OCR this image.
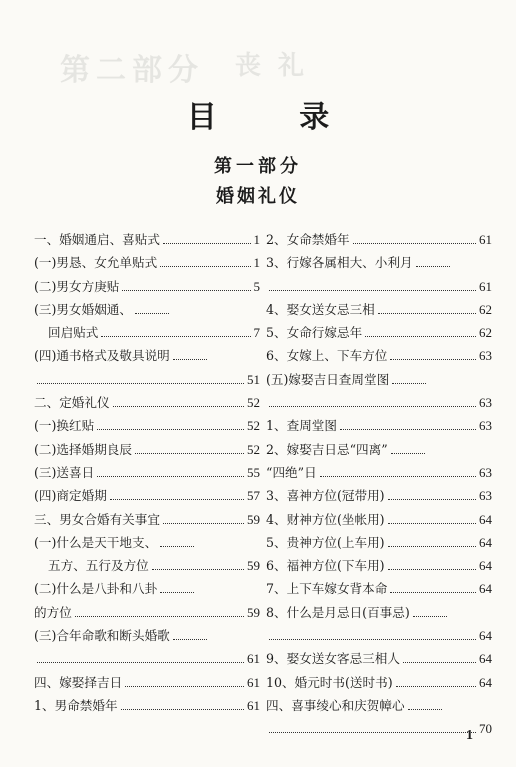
第二部分 丧 礼
目 录
第一部分
婚姻礼仪
一、婚姻通启、喜贴式	1
(一)男恳、女允单贴式	1
(二)男女方庚贴	5
(三)男女婚姻通、
回启贴式	7
(四)通书格式及敬具说明
51
二、定婚礼仪	52
(一)换红贴	52
(二)选择婚期良辰	52
(三)送喜日	55
(四)商定婚期	57
三、男女合婚有关事宜	59
(一)什么是天干地支、
五方、五行及方位	59
(二)什么是八卦和八卦
的方位	59
(三)合年命歌和断头婚歌
61
四、嫁娶择吉日	61
1、男命禁婚年	61
2、女命禁婚年	61
3、行嫁各属相大、小利月
61
4、娶女送女忌三相	62
5、女命行嫁忌年	62
6、女嫁上、下车方位	63
(五)嫁娶吉日查周堂图
63
1、查周堂图	63
2、嫁娶吉日忌“四离”
“四绝”日	63
3、喜神方位(冠带用)	63
4、财神方位(坐帐用)	64
5、贵神方位(上车用)	64
6、福神方位(下车用)	64
7、上下车嫁女背本命	64
8、什么是月忌日(百事忌)
64
9、娶女送女客忌三相人	64
10、婚元时书(送时书)	64
四、喜事绫心和庆贺幛心
70
1
